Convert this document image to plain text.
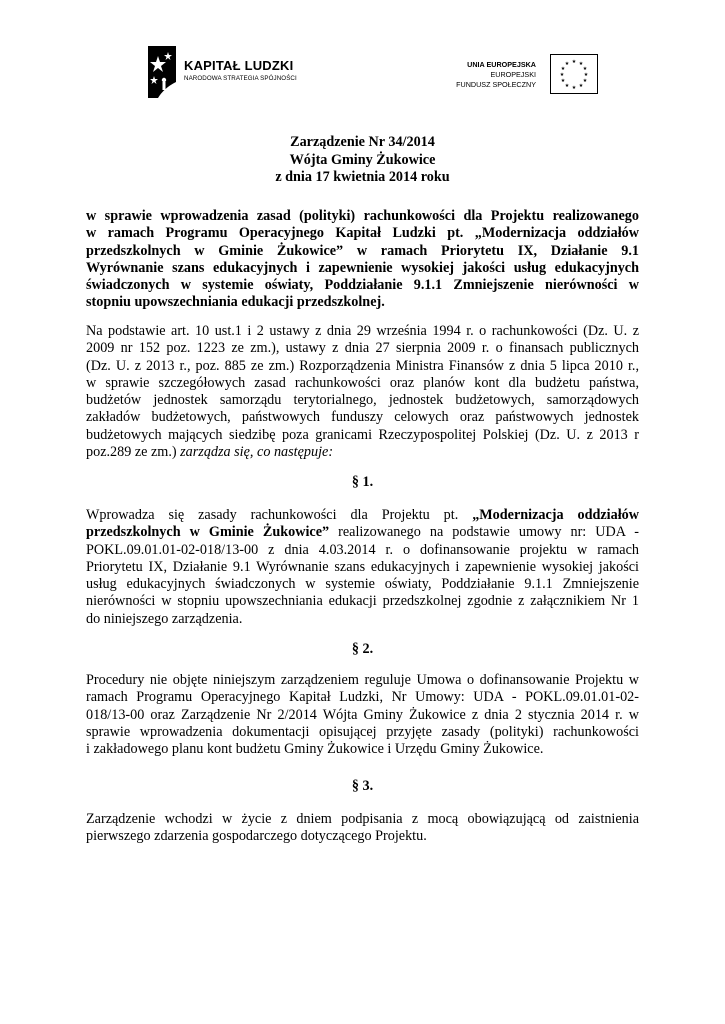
KAPITAŁ LUDZKI
NARODOWA STRATEGIA SPÓJNOŚCI
UNIA EUROPEJSKA
EUROPEJSKI
FUNDUSZ SPOŁECZNY
★ ★
★
★
★
★
★
★
★
★
★
★
Zarządzenie Nr 34/2014
Wójta Gminy Żukowice
z dnia 17 kwietnia 2014 roku
w sprawie wprowadzenia zasad (polityki) rachunkowości dla Projektu realizowanego
w ramach Programu Operacyjnego Kapitał Ludzki pt. „Modernizacja oddziałów
przedszkolnych w Gminie Żukowice” w ramach Priorytetu IX, Działanie 9.1
Wyrównanie szans edukacyjnych i zapewnienie wysokiej jakości usług edukacyjnych
świadczonych w systemie oświaty, Poddziałanie 9.1.1 Zmniejszenie nierówności w
stopniu upowszechniania edukacji przedszkolnej.
Na podstawie art. 10 ust.1 i 2 ustawy z dnia 29 września 1994 r. o rachunkowości (Dz. U. z
2009 nr 152 poz. 1223 ze zm.), ustawy z dnia 27 sierpnia 2009 r. o finansach publicznych
(Dz. U. z 2013 r., poz. 885 ze zm.) Rozporządzenia Ministra Finansów z dnia 5 lipca 2010 r.,
w sprawie szczegółowych zasad rachunkowości oraz planów kont dla budżetu państwa,
budżetów jednostek samorządu terytorialnego, jednostek budżetowych, samorządowych
zakładów budżetowych, państwowych funduszy celowych oraz państwowych jednostek
budżetowych mających siedzibę poza granicami Rzeczypospolitej Polskiej (Dz. U. z 2013 r
poz.289 ze zm.) zarządza się, co następuje:
§ 1.
Wprowadza się zasady rachunkowości dla Projektu pt. „Modernizacja oddziałów
przedszkolnych w Gminie Żukowice” realizowanego na podstawie umowy nr: UDA -
POKL.09.01.01-02-018/13-00 z dnia 4.03.2014 r. o dofinansowanie projektu w ramach
Priorytetu IX, Działanie 9.1 Wyrównanie szans edukacyjnych i zapewnienie wysokiej jakości
usług edukacyjnych świadczonych w systemie oświaty, Poddziałanie 9.1.1 Zmniejszenie
nierówności w stopniu upowszechniania edukacji przedszkolnej zgodnie z załącznikiem Nr 1
do niniejszego zarządzenia.
§ 2.
Procedury nie objęte niniejszym zarządzeniem reguluje Umowa o dofinansowanie Projektu w
ramach Programu Operacyjnego Kapitał Ludzki, Nr Umowy: UDA - POKL.09.01.01-02-
018/13-00 oraz Zarządzenie Nr 2/2014 Wójta Gminy Żukowice z dnia 2 stycznia 2014 r. w
sprawie wprowadzenia dokumentacji opisującej przyjęte zasady (polityki) rachunkowości
i zakładowego planu kont budżetu Gminy Żukowice i Urzędu Gminy Żukowice.
§ 3.
Zarządzenie wchodzi w życie z dniem podpisania z mocą obowiązującą od zaistnienia
pierwszego zdarzenia gospodarczego dotyczącego Projektu.
